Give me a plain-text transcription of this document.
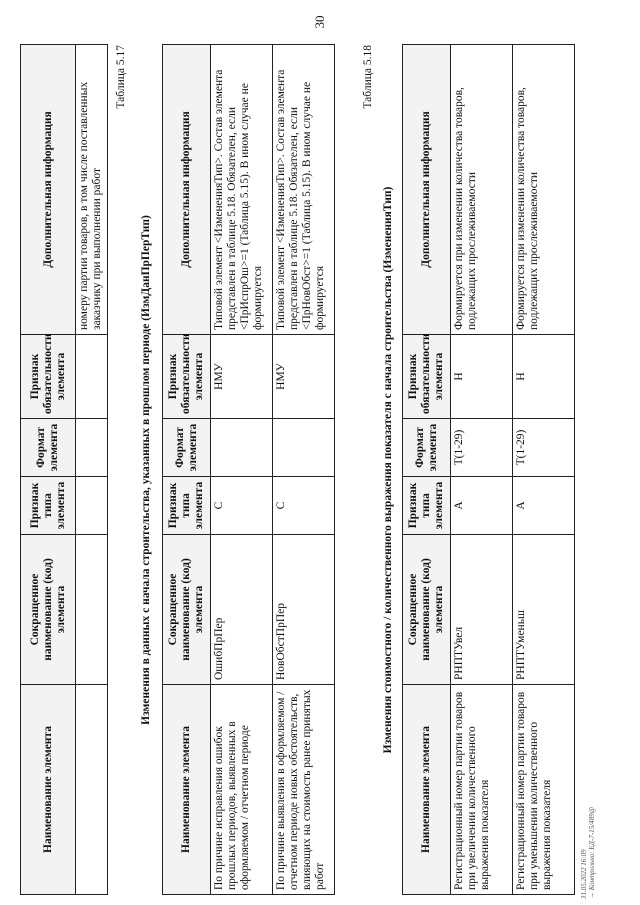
30
Наименование элемента	Сокращенное наименование (код) элемента	Признак типа элемента	Формат элемента	Признак обязательности элемента	Дополнительная информация
					номеру партии товаров, в том числе поставленных заказчику при выполнении работ
Таблица 5.17
Изменения в данных с начала строительства, указанных в прошлом периоде (ИзмДанПрПерТип)
Наименование элемента	Сокращенное наименование (код) элемента	Признак типа элемента	Формат элемента	Признак обязательности элемента	Дополнительная информация
По причине исправления ошибок прошлых периодов, выявленных в оформляемом / отчетном периоде	ОшибПрПер	С		НМУ	Типовой элемент <ИзмененияТип>. Состав элемента представлен в таблице 5.18. Обязателен, если <ПрИспрОш>=1 (Таблица 5.15). В ином случае не формируется
По причине выявления в оформляемом / отчетном периоде новых обстоятельств, влияющих на стоимость ранее принятых работ	НовОбстПрПер	С		НМУ	Типовой элемент <ИзмененияТип>. Состав элемента представлен в таблице 5.18. Обязателен, если <ПрНовОбст>=1 (Таблица 5.15). В ином случае не формируется
Таблица 5.18
Изменения стоимостного / количественного выражения показателя с начала строительства (ИзмененияТип)
Наименование элемента	Сокращенное наименование (код) элемента	Признак типа элемента	Формат элемента	Признак обязательности элемента	Дополнительная информация
Регистрационный номер партии товаров при увеличении количественного выражения показателя	РНПТУвел	А	Т(1-29)	Н	Формируется при изменении количества товаров, подлежащих прослеживаемости
Регистрационный номер партии товаров при уменьшении количественного выражения показателя	РНПТУменьш	А	Т(1-29)	Н	Формируется при изменении количества товаров, подлежащих прослеживаемости
31.05.2022 16:09 → Контрольно: ЕД-7-15/489@
